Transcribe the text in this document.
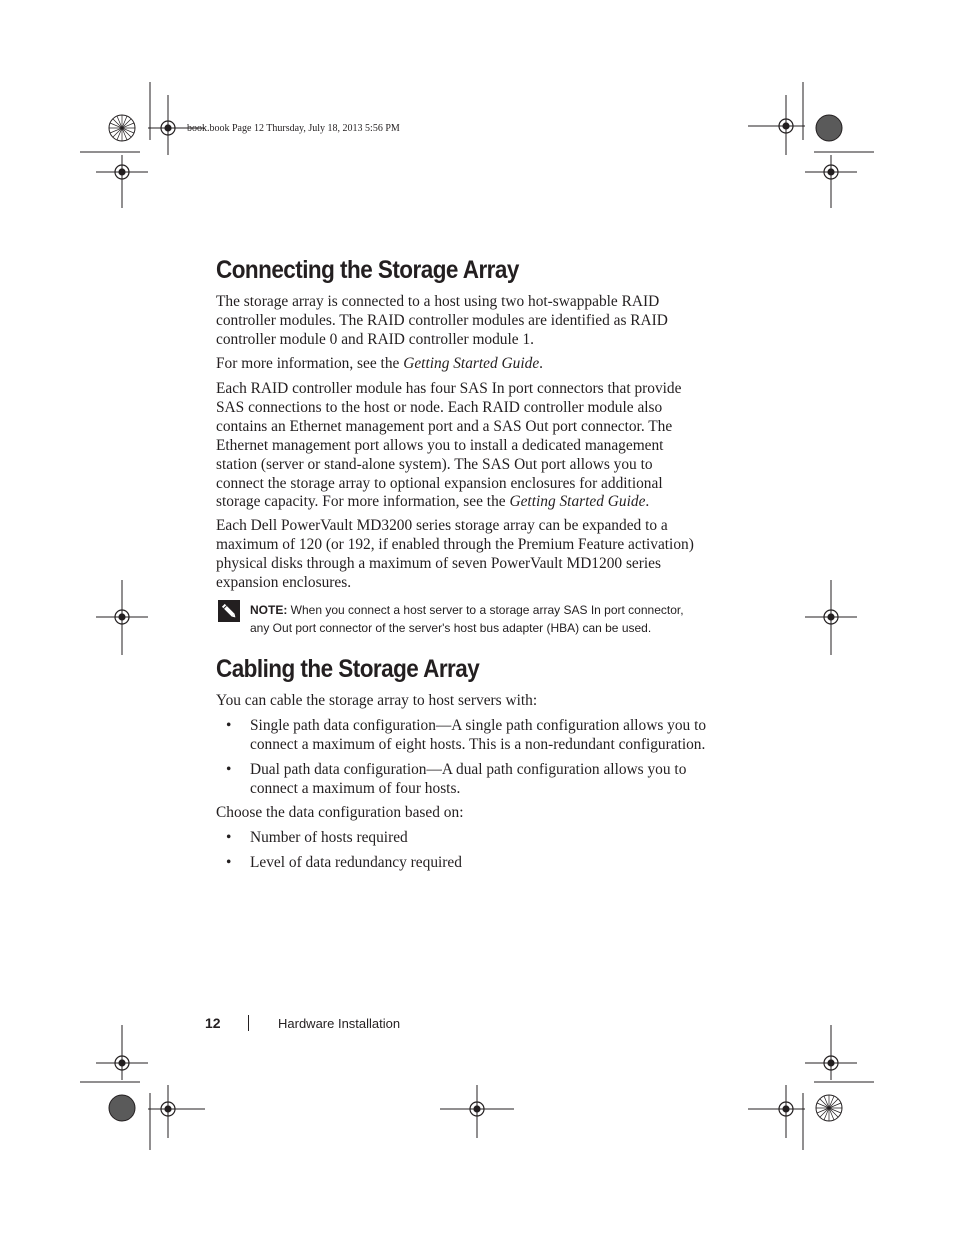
book.book Page 12 Thursday, July 18, 2013 5:56 PM
Connecting the Storage Array

The storage array is connected to a host using two hot-swappable RAID
controller modules. The RAID controller modules are identified as RAID
controller module 0 and RAID controller module 1.

For more information, see the Getting Started Guide.

Each RAID controller module has four SAS In port connectors that provide
SAS connections to the host or node. Each RAID controller module also
contains an Ethernet management port and a SAS Out port connector. The
Ethernet management port allows you to install a dedicated management
station (server or stand-alone system). The SAS Out port allows you to
connect the storage array to optional expansion enclosures for additional
storage capacity. For more information, see the Getting Started Guide.

Each Dell PowerVault MD3200 series storage array can be expanded to a
maximum of 120 (or 192, if enabled through the Premium Feature activation)
physical disks through a maximum of seven PowerVault MD1200 series
expansion enclosures.

Cabling the Storage Array

You can cable the storage array to host servers with:

• Single path data configuration—A single path configuration allows you to
connect a maximum of eight hosts. This is a non-redundant configuration.
• Dual path data configuration—A dual path configuration allows you to
connect a maximum of four hosts.

Choose the data configuration based on:

• Number of hosts required
• Level of data redundancy required
NOTE: When you connect a host server to a storage array SAS In port connector,
any Out port connector of the server's host bus adapter (HBA) can be used.
12	Hardware Installation
